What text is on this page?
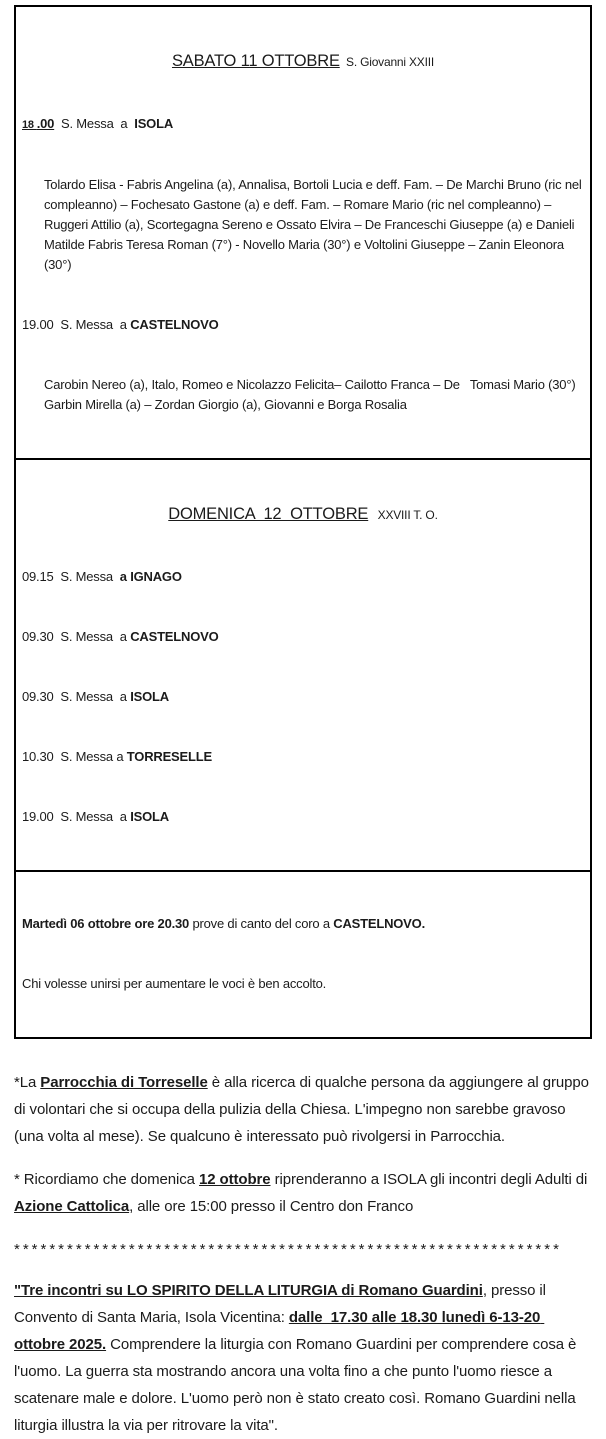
SABATO 11 OTTOBRE  S. Giovanni XXIII

18 .00  S. Messa  a  ISOLA

Tolardo Elisa - Fabris Angelina (a), Annalisa, Bortoli Lucia e deff. Fam. – De Marchi Bruno (ric nel compleanno) – Fochesato Gastone (a) e deff. Fam. – Romare Mario (ric nel compleanno) – Ruggeri Attilio (a), Scortegagna Sereno e Ossato Elvira – De Franceschi Giuseppe (a) e Danieli Matilde Fabris Teresa Roman (7°) - Novello Maria (30°) e Voltolini Giuseppe – Zanin Eleonora (30°)

19.00  S. Messa  a CASTELNOVO

Carobin Nereo (a), Italo, Romeo e Nicolazzo Felicita– Cailotto Franca – De   Tomasi Mario (30°) Garbin Mirella (a) – Zordan Giorgio (a), Giovanni e Borga Rosalia

DOMENICA  12  OTTOBRE   XXVIII T. O.

09.15  S. Messa  a IGNAGO

09.30  S. Messa  a CASTELNOVO

09.30  S. Messa  a ISOLA

10.30  S. Messa a TORRESELLE

19.00  S. Messa  a ISOLA

Martedì 06 ottobre ore 20.30 prove di canto del coro a CASTELNOVO.

Chi volesse unirsi per aumentare le voci è ben accolto.

*La Parrocchia di Torreselle è alla ricerca di qualche persona da aggiungere al gruppo di volontari che si occupa della pulizia della Chiesa. L'impegno non sarebbe gravoso (una volta al mese). Se qualcuno è interessato può rivolgersi in Parrocchia.

* Ricordiamo che domenica 12 ottobre riprenderanno a ISOLA gli incontri degli Adulti di Azione Cattolica, alle ore 15:00 presso il Centro don Franco

**************************************************************

"Tre incontri su LO SPIRITO DELLA LITURGIA di Romano Guardini, presso il Convento di Santa Maria, Isola Vicentina: dalle  17.30 alle 18.30 lunedì 6-13-20 ottobre 2025. Comprendere la liturgia con Romano Guardini per comprendere cosa è l'uomo. La guerra sta mostrando ancora una volta fino a che punto l'uomo riesce a scatenare male e dolore. L'uomo però non è stato creato così. Romano Guardini nella liturgia illustra la via per ritrovare la vita".
